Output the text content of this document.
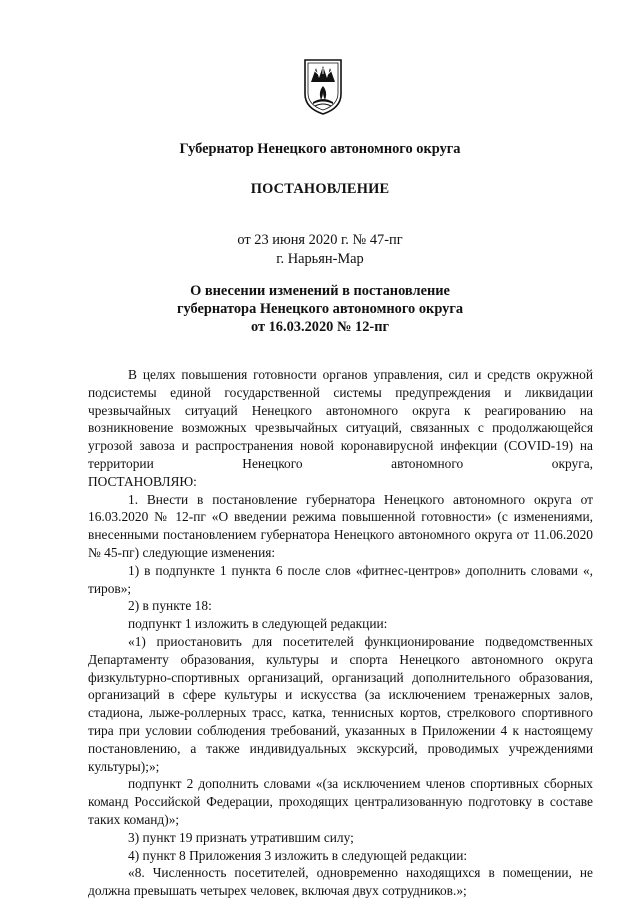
Губернатор Ненецкого автономного округа
ПОСТАНОВЛЕНИЕ
от 23 июня 2020 г. № 47-пг
г. Нарьян-Мар
О внесении изменений в постановление
губернатора Ненецкого автономного округа
от 16.03.2020 № 12-пг

В целях повышения готовности органов управления, сил и средств окружной подсистемы единой государственной системы предупреждения и ликвидации чрезвычайных ситуаций Ненецкого автономного округа к реагированию на возникновение возможных чрезвычайных ситуаций, связанных с продолжающейся угрозой завоза и распространения новой коронавирусной инфекции (COVID-19) на территории Ненецкого автономного округа,

ПОСТАНОВЛЯЮ:

1. Внести в постановление губернатора Ненецкого автономного округа от 16.03.2020 № 12-пг «О введении режима повышенной готовности» (с изменениями, внесенными постановлением губернатора Ненецкого автономного округа от 11.06.2020 № 45-пг) следующие изменения:

1) в подпункте 1 пункта 6 после слов «фитнес-центров» дополнить словами «, тиров»;

2) в пункте 18:

подпункт 1 изложить в следующей редакции:

«1) приостановить для посетителей функционирование подведомственных Департаменту образования, культуры и спорта Ненецкого автономного округа физкультурно-спортивных организаций, организаций дополнительного образования, организаций в сфере культуры и искусства (за исключением тренажерных залов, стадиона, лыже-роллерных трасс, катка, теннисных кортов, стрелкового спортивного тира при условии соблюдения требований, указанных в Приложении 4 к настоящему постановлению, а также индивидуальных экскурсий, проводимых учреждениями культуры);»;

подпункт 2 дополнить словами «(за исключением членов спортивных сборных команд Российской Федерации, проходящих централизованную подготовку в составе таких команд)»;

3) пункт 19 признать утратившим силу;

4) пункт 8 Приложения 3 изложить в следующей редакции:

«8. Численность посетителей, одновременно находящихся в помещении, не должна превышать четырех человек, включая двух сотрудников.»;
